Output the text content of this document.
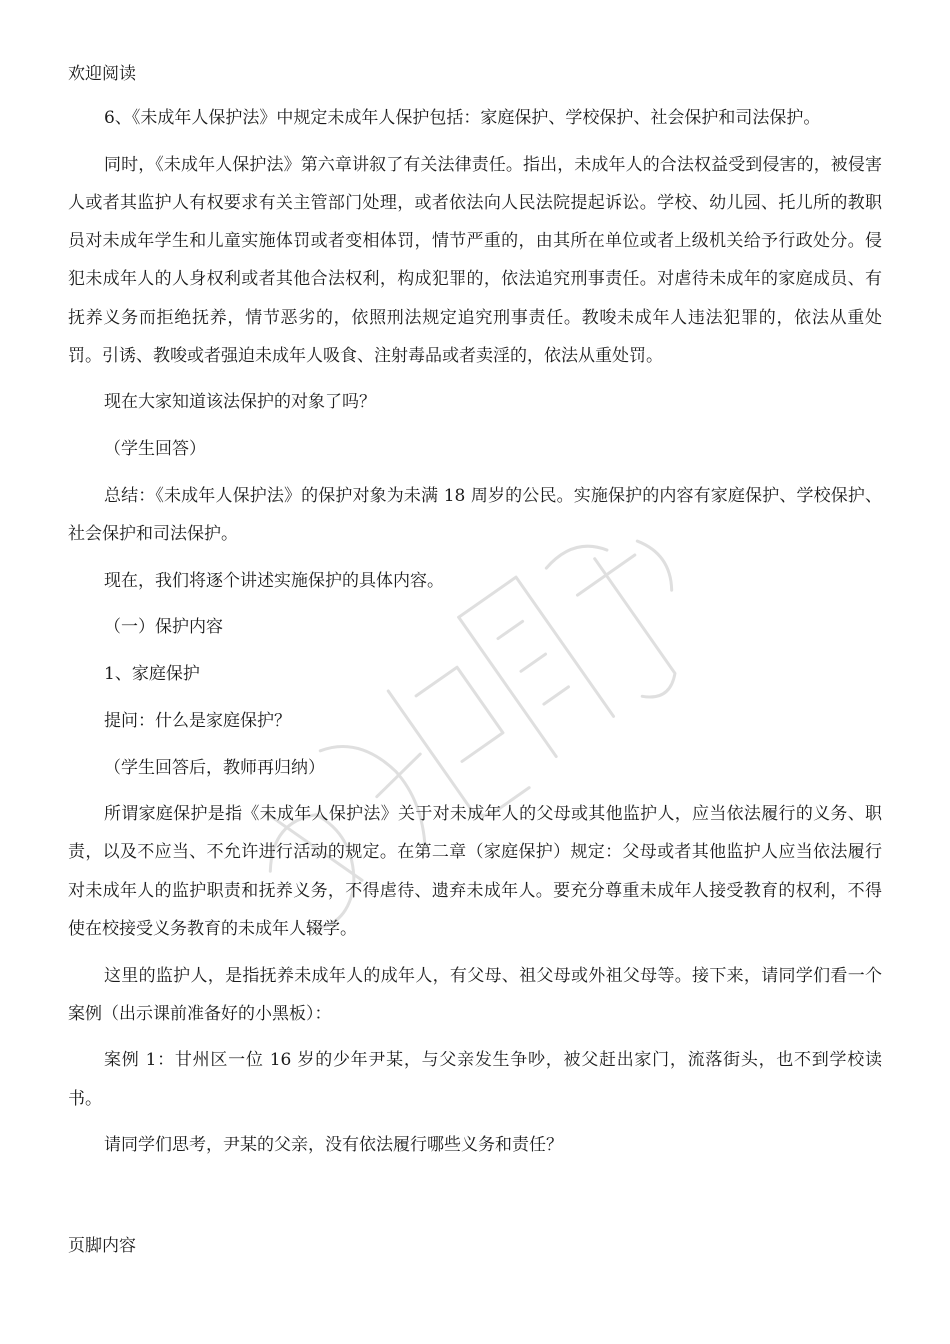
欢迎阅读

6、《未成年人保护法》中规定未成年人保护包括：家庭保护、学校保护、社会保护和司法保护。

同时，《未成年人保护法》第六章讲叙了有关法律责任。指出，未成年人的合法权益受到侵害的，被侵害人或者其监护人有权要求有关主管部门处理，或者依法向人民法院提起诉讼。学校、幼儿园、托儿所的教职员对未成年学生和儿童实施体罚或者变相体罚，情节严重的，由其所在单位或者上级机关给予行政处分。侵犯未成年人的人身权利或者其他合法权利，构成犯罪的，依法追究刑事责任。对虐待未成年的家庭成员、有抚养义务而拒绝抚养，情节恶劣的，依照刑法规定追究刑事责任。教唆未成年人违法犯罪的，依法从重处罚。引诱、教唆或者强迫未成年人吸食、注射毒品或者卖淫的，依法从重处罚。

现在大家知道该法保护的对象了吗？

（学生回答）

总结：《未成年人保护法》的保护对象为未满 18 周岁的公民。实施保护的内容有家庭保护、学校保护、社会保护和司法保护。

现在，我们将逐个讲述实施保护的具体内容。

（一）保护内容

1、家庭保护

提问：什么是家庭保护？

（学生回答后，教师再归纳）

所谓家庭保护是指《未成年人保护法》关于对未成年人的父母或其他监护人，应当依法履行的义务、职责，以及不应当、不允许进行活动的规定。在第二章（家庭保护）规定：父母或者其他监护人应当依法履行对未成年人的监护职责和抚养义务，不得虐待、遗弃未成年人。要充分尊重未成年人接受教育的权利，不得使在校接受义务教育的未成年人辍学。

这里的监护人，是指抚养未成年人的成年人，有父母、祖父母或外祖父母等。接下来，请同学们看一个案例（出示课前准备好的小黑板）：

案例 1：甘州区一位 16 岁的少年尹某，与父亲发生争吵，被父赶出家门，流落街头，也不到学校读书。

请同学们思考，尹某的父亲，没有依法履行哪些义务和责任？

页脚内容
